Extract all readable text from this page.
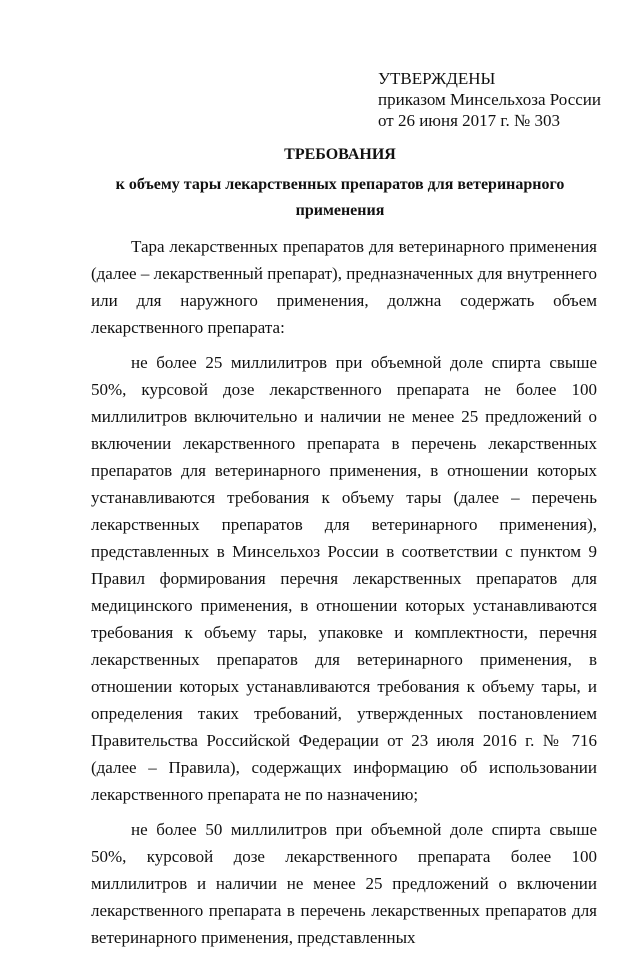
УТВЕРЖДЕНЫ
приказом Минсельхоза России
от 26 июня 2017 г. № 303
ТРЕБОВАНИЯ
к объему тары лекарственных препаратов для ветеринарного
применения

Тара лекарственных препаратов для ветеринарного применения (далее – лекарственный препарат), предназначенных для внутреннего или для наружного применения, должна содержать объем лекарственного препарата:

не более 25 миллилитров при объемной доле спирта свыше 50%, курсовой дозе лекарственного препарата не более 100 миллилитров включительно и наличии не менее 25 предложений о включении лекарственного препарата в перечень лекарственных препаратов для ветеринарного применения, в отношении которых устанавливаются требования к объему тары (далее – перечень лекарственных препаратов для ветеринарного применения), представленных в Минсельхоз России в соответствии с пунктом 9 Правил формирования перечня лекарственных препаратов для медицинского применения, в отношении которых устанавливаются требования к объему тары, упаковке и комплектности, перечня лекарственных препаратов для ветеринарного применения, в отношении которых устанавливаются требования к объему тары, и определения таких требований, утвержденных постановлением Правительства Российской Федерации от 23 июля 2016 г. № 716 (далее – Правила), содержащих информацию об использовании лекарственного препарата не по назначению;

не более 50 миллилитров при объемной доле спирта свыше 50%, курсовой дозе лекарственного препарата более 100 миллилитров и наличии не менее 25 предложений о включении лекарственного препарата в перечень лекарственных препаратов для ветеринарного применения, представленных
